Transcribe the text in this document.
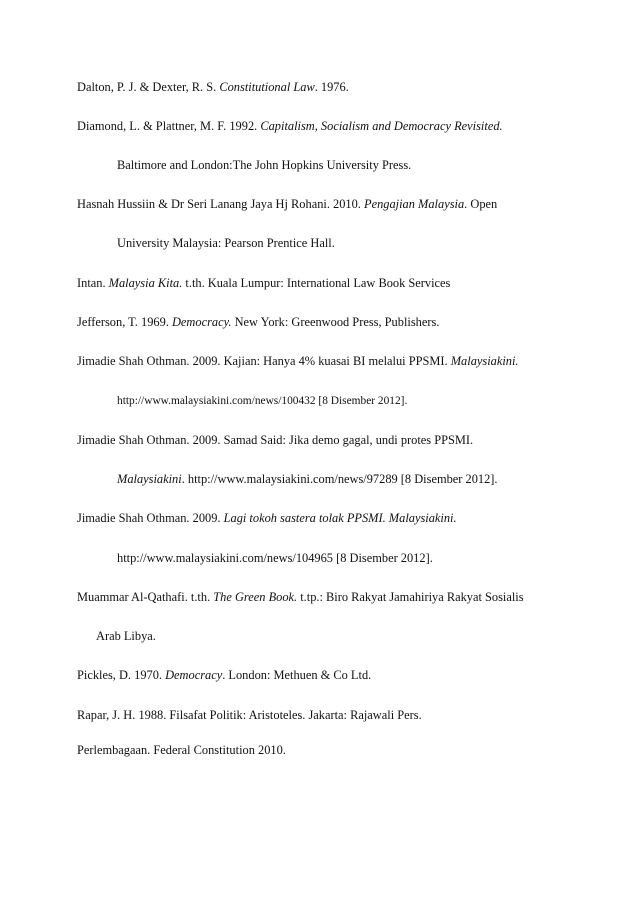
Dalton, P. J. & Dexter, R. S. Constitutional Law. 1976.
Diamond, L. & Plattner, M. F. 1992. Capitalism, Socialism and Democracy Revisited.
Baltimore and London:The John Hopkins University Press.
Hasnah Hussiin & Dr Seri Lanang Jaya Hj Rohani. 2010. Pengajian Malaysia. Open
University Malaysia: Pearson Prentice Hall.
Intan. Malaysia Kita. t.th. Kuala Lumpur: International Law Book Services
Jefferson, T. 1969. Democracy. New York: Greenwood Press, Publishers.
Jimadie Shah Othman. 2009. Kajian: Hanya 4% kuasai BI melalui PPSMI. Malaysiakini.
http://www.malaysiakini.com/news/100432 [8 Disember 2012].
Jimadie Shah Othman. 2009. Samad Said: Jika demo gagal, undi protes PPSMI.
Malaysiakini. http://www.malaysiakini.com/news/97289 [8 Disember 2012].
Jimadie Shah Othman. 2009. Lagi tokoh sastera tolak PPSMI. Malaysiakini.
http://www.malaysiakini.com/news/104965 [8 Disember 2012].
Muammar Al-Qathafi. t.th. The Green Book. t.tp.: Biro Rakyat Jamahiriya Rakyat Sosialis
Arab Libya.
Pickles, D. 1970. Democracy. London: Methuen & Co Ltd.
Rapar, J. H. 1988. Filsafat Politik: Aristoteles. Jakarta: Rajawali Pers.
Perlembagaan. Federal Constitution 2010.
